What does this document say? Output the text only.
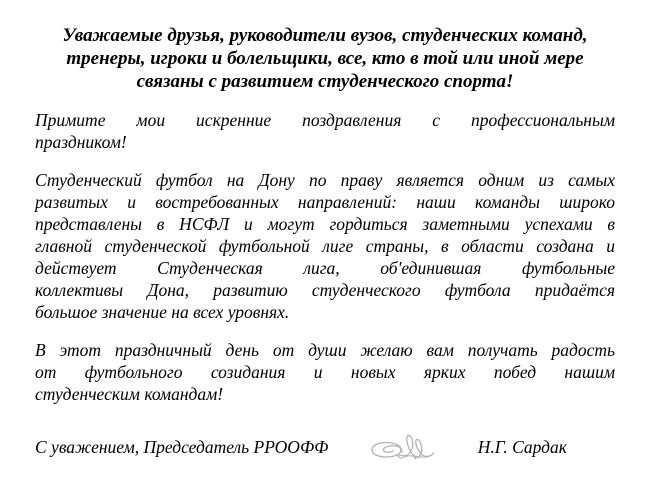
Уважаемые друзья, руководители вузов, студенческих команд,
тренеры, игроки и болельщики, все, кто в той или иной мере
связаны с развитием студенческого спорта!
Примите мои искренние поздравления с профессиональным
праздником!
Студенческий футбол на Дону по праву является одним из самых
развитых и востребованных направлений: наши команды широко
представлены в НСФЛ и могут гордиться заметными успехами в
главной студенческой футбольной лиге страны, в области создана и
действует Студенческая лига, об'единившая футбольные
коллективы Дона, развитию студенческого футбола придаётся
большое значение на всех уровнях.
В этот праздничный день от души желаю вам получать радость
от футбольного созидания и новых ярких побед нашим
студенческим командам!
С уважением, Председатель РРООФФ	Н.Г. Сардак
